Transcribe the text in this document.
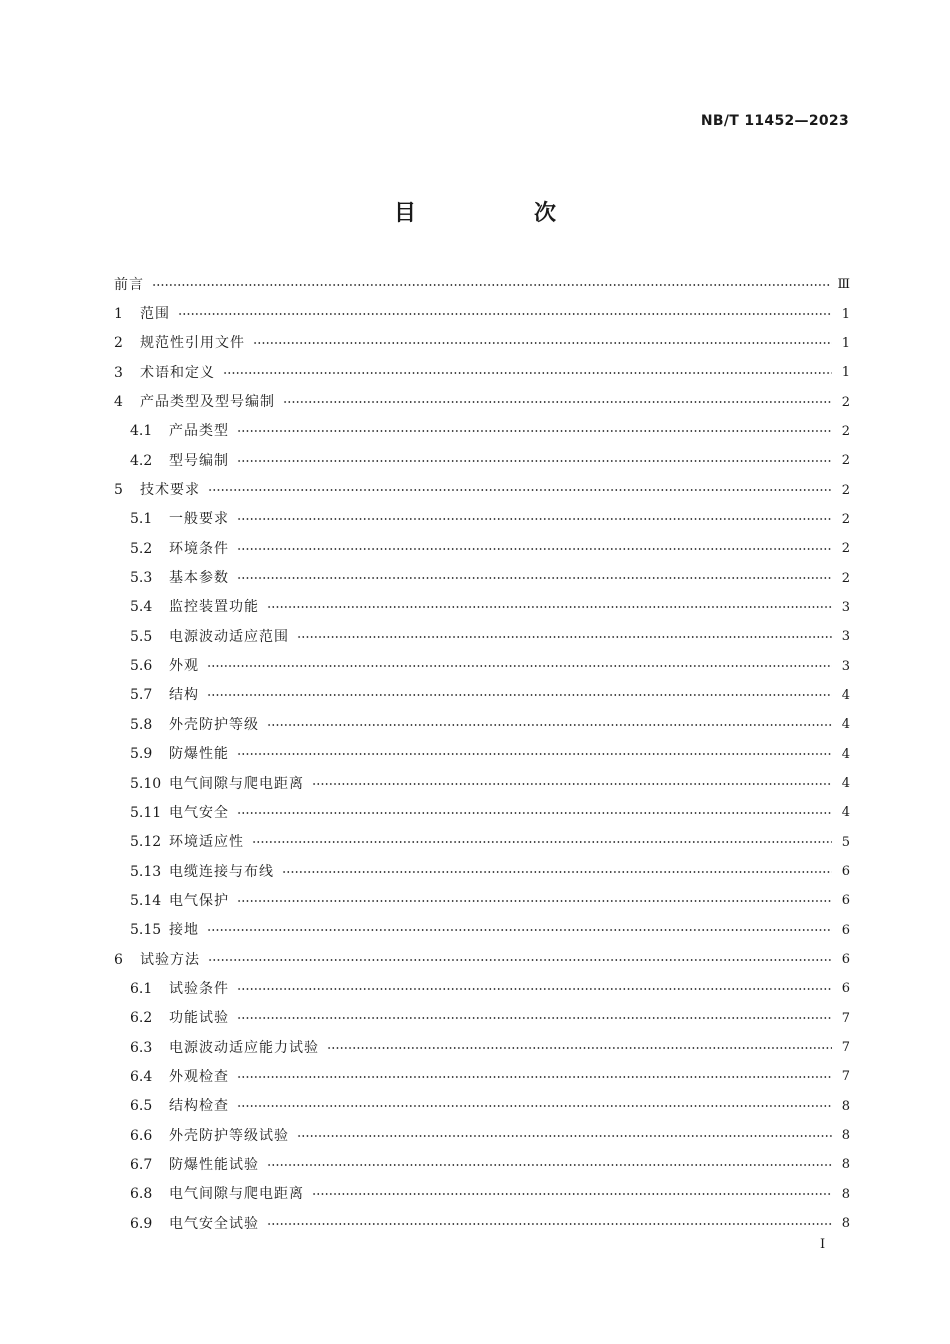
NB/T 11452—2023
目　次
前言	Ⅲ
1	范围	1
2	规范性引用文件	1
3	术语和定义	1
4	产品类型及型号编制	2
4.1	产品类型	2
4.2	型号编制	2
5	技术要求	2
5.1	一般要求	2
5.2	环境条件	2
5.3	基本参数	2
5.4	监控装置功能	3
5.5	电源波动适应范围	3
5.6	外观	3
5.7	结构	4
5.8	外壳防护等级	4
5.9	防爆性能	4
5.10 电气间隙与爬电距离	4
5.11 电气安全	4
5.12 环境适应性	5
5.13 电缆连接与布线	6
5.14 电气保护	6
5.15 接地	6
6	试验方法	6
6.1	试验条件	6
6.2	功能试验	7
6.3	电源波动适应能力试验	7
6.4	外观检查	7
6.5	结构检查	8
6.6	外壳防护等级试验	8
6.7	防爆性能试验	8
6.8	电气间隙与爬电距离	8
6.9	电气安全试验	8
I
